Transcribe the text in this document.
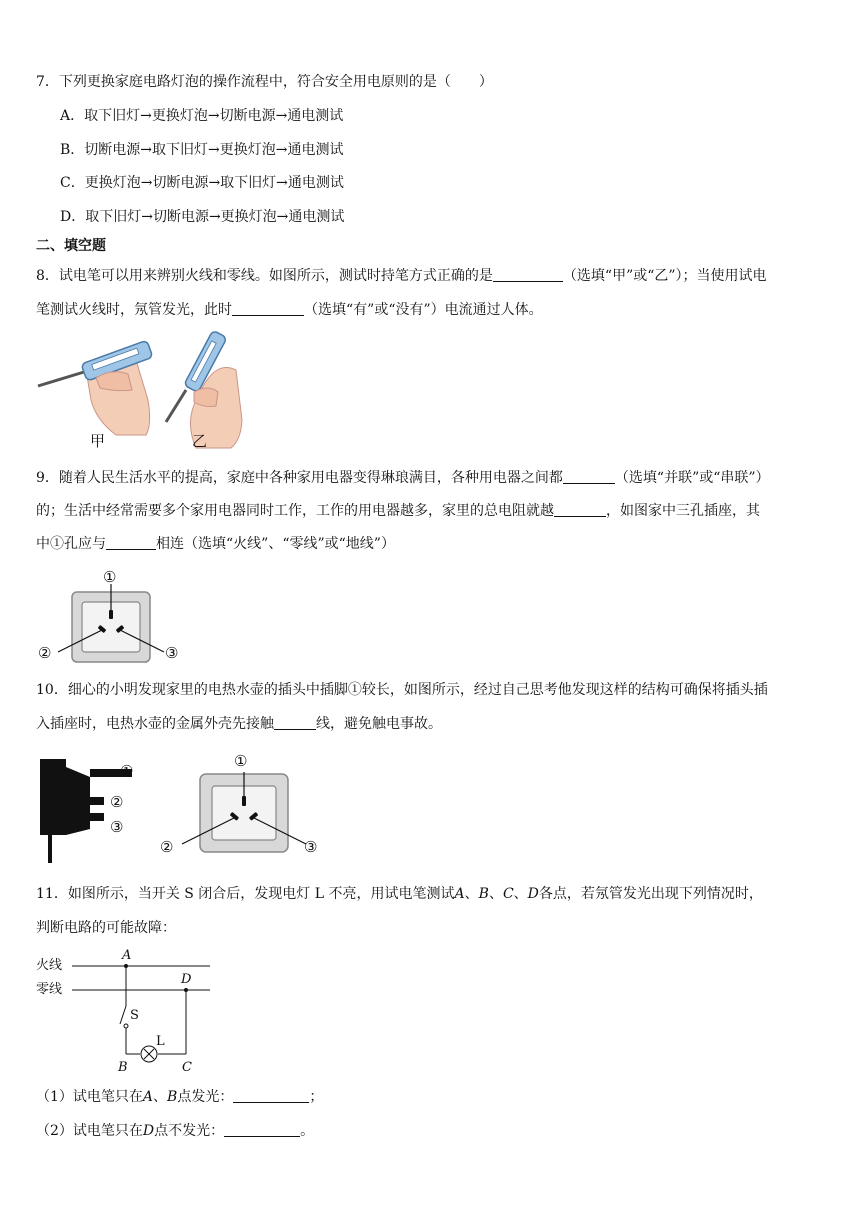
7．下列更换家庭电路灯泡的操作流程中，符合安全用电原则的是（　　）
A．取下旧灯→更换灯泡→切断电源→通电测试
B．切断电源→取下旧灯→更换灯泡→通电测试
C．更换灯泡→切断电源→取下旧灯→通电测试
D．取下旧灯→切断电源→更换灯泡→通电测试
二、填空题
8．试电笔可以用来辨别火线和零线。如图所示，测试时持笔方式正确的是	（选填“甲”或“乙”）；当使用试电
笔测试火线时，氖管发光，此时	（选填“有”或“没有”）电流通过人体。
甲	乙
9．随着人民生活水平的提高，家庭中各种家用电器变得琳琅满目，各种用电器之间都	（选填“并联”或“串联”）
的；生活中经常需要多个家用电器同时工作，工作的用电器越多，家里的总电阻就越	，如图家中三孔插座，其
中①孔应与	相连（选填“火线”、“零线”或“地线”）
①
②	③
10．细心的小明发现家里的电热水壶的插头中插脚①较长，如图所示，经过自己思考他发现这样的结构可确保将插头插
入插座时，电热水壶的金属外壳先接触	线，避免触电事故。
①
②
③
①
②	③
11．如图所示，当开关 S 闭合后，发现电灯 L 不亮，用试电笔测试A、B、C、D各点，若氖管发光出现下列情况时，
判断电路的可能故障：
火线
零线
A
D
S
L
B	C
（1）试电笔只在A、B点发光：	；
（2）试电笔只在D点不发光：	。
